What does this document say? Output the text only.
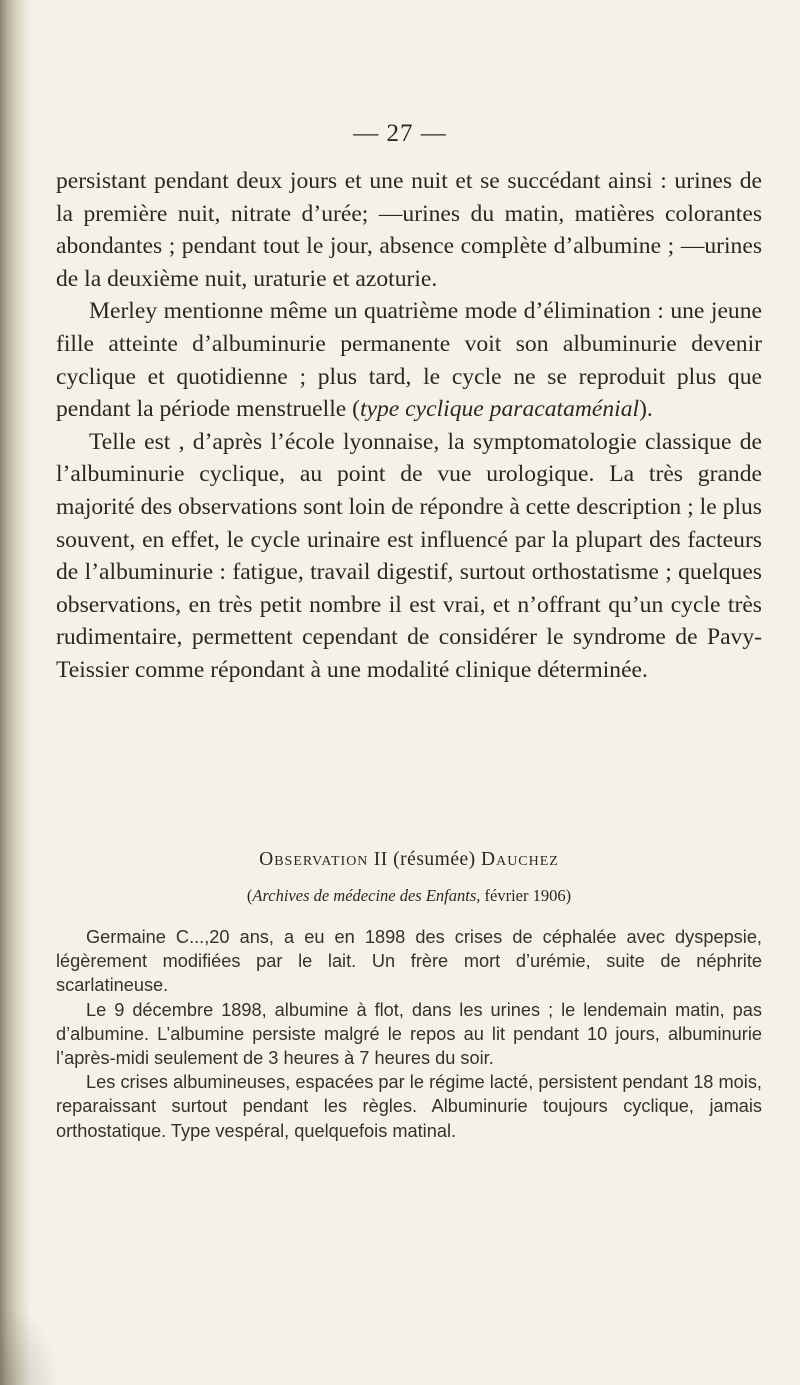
— 27 —

persistant pendant deux jours et une nuit et se succédant ainsi : urines de la première nuit, nitrate d’urée; —urines du matin, matières colorantes abondantes ; pendant tout le jour, absence complète d’albumine ; —urines de la deuxième nuit, uraturie et azoturie.

Merley mentionne même un quatrième mode d’élimination : une jeune fille atteinte d’albuminurie permanente voit son albuminurie devenir cyclique et quotidienne ; plus tard, le cycle ne se reproduit plus que pendant la période menstruelle (type cyclique paracataménial).

Telle est , d’après l’école lyonnaise, la symptomatologie classique de l’albuminurie cyclique, au point de vue urologique. La très grande majorité des observations sont loin de répondre à cette description ; le plus souvent, en effet, le cycle urinaire est influencé par la plupart des facteurs de l’albuminurie : fatigue, travail digestif, surtout orthostatisme ; quelques observations, en très petit nombre il est vrai, et n’offrant qu’un cycle très rudimentaire, permettent cependant de considérer le syndrome de Pavy-Teissier comme répondant à une modalité clinique déterminée.

Observation II (résumée) Dauchez
(Archives de médecine des Enfants, février 1906)

Germaine C...,20 ans, a eu en 1898 des crises de céphalée avec dyspepsie, légèrement modifiées par le lait. Un frère mort d’urémie, suite de néphrite scarlatineuse.

Le 9 décembre 1898, albumine à flot, dans les urines ; le lendemain matin, pas d’albumine. L’albumine persiste malgré le repos au lit pendant 10 jours, albuminurie l’après-midi seulement de 3 heures à 7 heures du soir.

Les crises albumineuses, espacées par le régime lacté, persistent pendant 18 mois, reparaissant surtout pendant les règles. Albuminurie toujours cyclique, jamais orthostatique. Type vespéral, quelquefois matinal.
